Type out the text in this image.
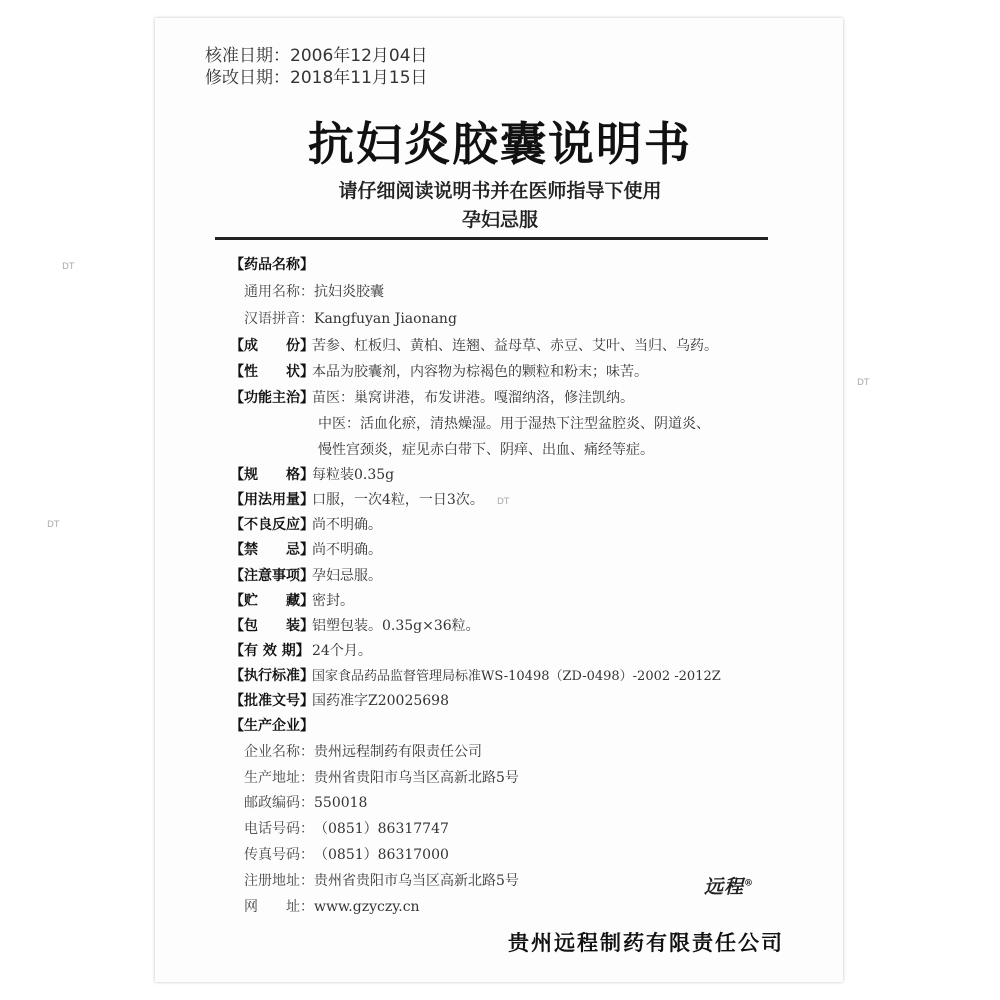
DT
DT
DT
DT
核准日期：2006年12月04日
修改日期：2018年11月15日
抗妇炎胶囊说明书
请仔细阅读说明书并在医师指导下使用
孕妇忌服
【药品名称】
通用名称：抗妇炎胶囊
汉语拼音：Kangfuyan Jiaonang
【成　　份】苦参、杠板归、黄柏、连翘、益母草、赤豆、艾叶、当归、乌药。
【性　　状】本品为胶囊剂，内容物为棕褐色的颗粒和粉末；味苦。
【功能主治】苗医：巢窝讲港，布发讲港。嘎溜纳洛，修洼凯纳。
中医：活血化瘀，清热燥湿。用于湿热下注型盆腔炎、阴道炎、
慢性宫颈炎，症见赤白带下、阴痒、出血、痛经等症。
【规　　格】每粒装0.35g
【用法用量】口服，一次4粒，一日3次。
【不良反应】尚不明确。
【禁　　忌】尚不明确。
【注意事项】孕妇忌服。
【贮　　藏】密封。
【包　　装】铝塑包装。0.35g×36粒。
【有 效 期】 24个月。
【执行标准】国家食品药品监督管理局标准WS-10498（ZD-0498）-2002 -2012Z
【批准文号】国药准字Z20025698
【生产企业】
企业名称：贵州远程制药有限责任公司
生产地址：贵州省贵阳市乌当区高新北路5号
邮政编码：550018
电话号码：（0851）86317747
传真号码：（0851）86317000
注册地址：贵州省贵阳市乌当区高新北路5号
网　　址：www.gzyczy.cn
远程®
贵州远程制药有限责任公司
